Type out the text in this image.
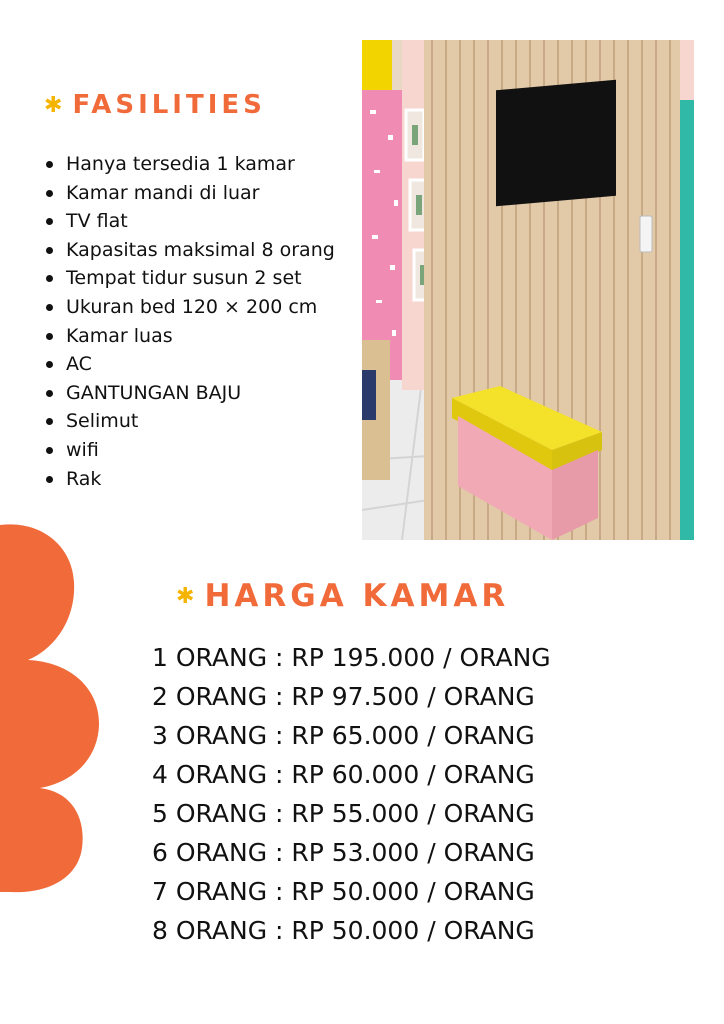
✱ FASILITIES
Hanya tersedia 1 kamar
Kamar mandi di luar
TV flat
Kapasitas maksimal 8 orang
Tempat tidur susun 2 set
Ukuran bed 120 × 200 cm
Kamar luas
AC
GANTUNGAN BAJU
Selimut
wifi
Rak
✱ HARGA KAMAR
1 ORANG : RP 195.000 / ORANG
2 ORANG : RP 97.500 / ORANG
3 ORANG : RP 65.000 / ORANG
4 ORANG : RP 60.000 / ORANG
5 ORANG : RP 55.000 / ORANG
6 ORANG : RP 53.000 / ORANG
7 ORANG : RP 50.000 / ORANG
8 ORANG : RP 50.000 / ORANG
